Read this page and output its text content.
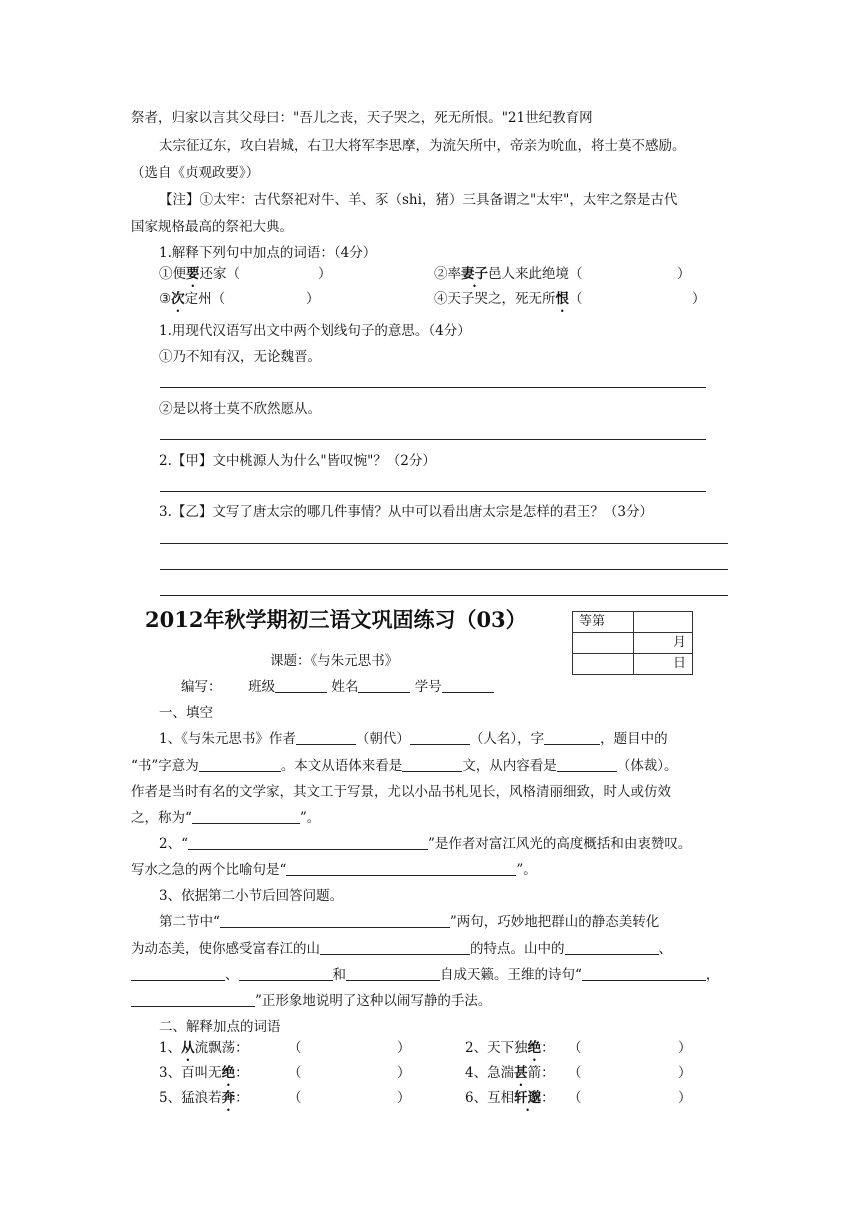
祭者，归家以言其父母曰："吾儿之丧，天子哭之，死无所恨。"21世纪教育网
太宗征辽东，攻白岩城，右卫大将军李思摩，为流矢所中，帝亲为吮血，将士莫不感励。
（选自《贞观政要》）
【注】①太牢：古代祭祀对牛、羊、豕（shi，猪）三具备谓之"太牢"，太牢之祭是古代
国家规格最高的祭祀大典。
1.解释下列句中加点的词语：（4分）
①便要还家（	）	②率妻子邑人来此绝境（	）
③次定州（	）	④天子哭之，死无所恨（	）
1.用现代汉语写出文中两个划线句子的意思。（4分）
①乃不知有汉，无论魏晋。
②是以将士莫不欣然愿从。
2.【甲】文中桃源人为什么"皆叹惋"？（2分）
3.【乙】文写了唐太宗的哪几件事情？从中可以看出唐太宗是怎样的君王？（3分）
2012年秋学期初三语文巩固练习（03）	等第	
	月
	日
课题：《与朱元思书》
编写： 班级	姓名	学号
一、填空
1、《与朱元思书》作者	（朝代）	（人名），字	，题目中的
“书”字意为	。本文从语体来看是	文，从内容看是	（体裁）。
作者是当时有名的文学家，其文工于写景，尤以小品书札见长，风格清丽细致，时人或仿效
之，称为“	”。
2、“	”是作者对富江风光的高度概括和由衷赞叹。
写水之急的两个比喻句是“	”。
3、依据第二小节后回答问题。
第二节中“	”两句，巧妙地把群山的静态美转化
为动态美，使你感受富春江的山	的特点。山中的	、
、	和	自成天籁。王维的诗句“	，
”正形象地说明了这种以闹写静的手法。
二、解释加点的词语
1、从流飘荡：	（	）	2、天下独绝： （	）
3、百叫无绝：	（	）	4、急湍甚箭： （	）
5、猛浪若奔：	（	）	6、互相轩邈： （	）
